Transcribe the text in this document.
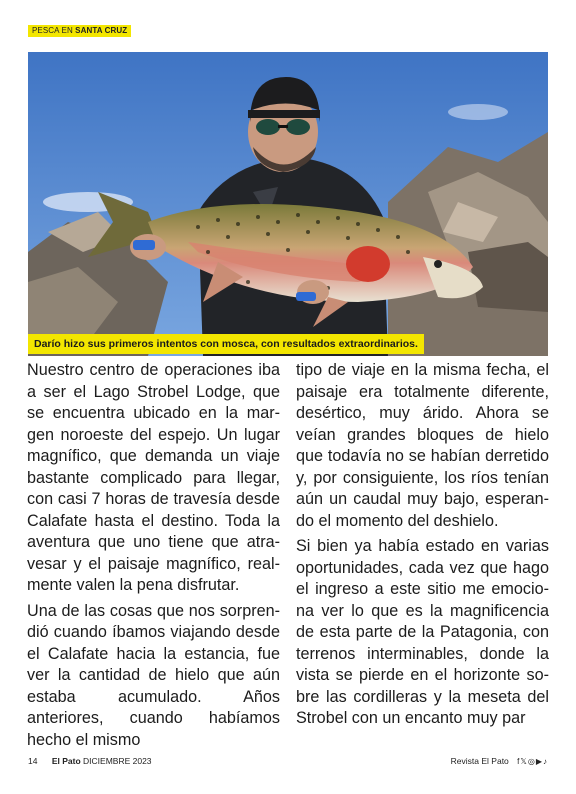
PESCA EN SANTA CRUZ
Darío hizo sus primeros intentos con mosca, con resultados extraordinarios.

Nuestro centro de operaciones iba a ser el Lago Strobel Lodge, que se encuentra ubicado en la margen noroeste del espejo. Un lugar magnífico, que demanda un viaje bastante complicado para llegar, con casi 7 horas de travesía desde Calafate hasta el destino. Toda la aventura que uno tiene que atravesar y el paisaje magnífico, realmente valen la pena disfrutar.

Una de las cosas que nos sorprendió cuando íbamos viajando desde el Calafate hacia la estancia, fue ver la cantidad de hielo que aún estaba acumulado. Años anteriores, cuando habíamos hecho el mismo

tipo de viaje en la misma fecha, el paisaje era totalmente diferente, desértico, muy árido. Ahora se veían grandes bloques de hielo que todavía no se habían derretido y, por consiguiente, los ríos tenían aún un caudal muy bajo, esperando el momento del deshielo.

Si bien ya había estado en varias oportunidades, cada vez que hago el ingreso a este sitio me emociona ver lo que es la magnificencia de esta parte de la Patagonia, con terrenos interminables, donde la vista se pierde en el horizonte sobre las cordilleras y la meseta del Strobel con un encanto muy par

14 El Pato DICIEMBRE 2023	Revista El Pato f𝕏◎▶♪
